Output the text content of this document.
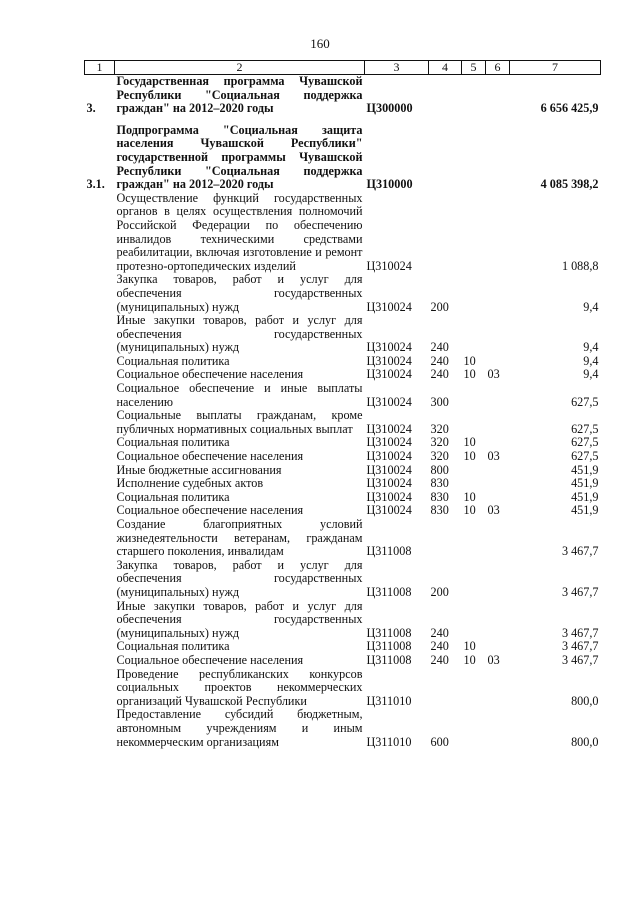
160
1	2	3	4	5	6	7
3.	Государственная программа Чувашской Республики "Социальная поддержка граждан" на 2012–2020 годы	Ц300000				6 656 425,9
3.1.	Подпрограмма "Социальная защита населения Чувашской Республики" государственной программы Чувашской Республики "Социальная поддержка граждан" на 2012–2020 годы	Ц310000				4 085 398,2
	Осуществление функций государственных органов в целях осуществления полномочий Российской Федерации по обеспечению инвалидов техническими средствами реабилитации, включая изготовление и ремонт протезно-ортопедических изделий	Ц310024				1 088,8
	Закупка товаров, работ и услуг для обеспечения государственных (муниципальных) нужд	Ц310024	200			9,4
	Иные закупки товаров, работ и услуг для обеспечения государственных (муниципальных) нужд	Ц310024	240			9,4
	Социальная политика	Ц310024	240	10		9,4
	Социальное обеспечение населения	Ц310024	240	10	03	9,4
	Социальное обеспечение и иные выплаты населению	Ц310024	300			627,5
	Социальные выплаты гражданам, кроме публичных нормативных социальных выплат	Ц310024	320			627,5
	Социальная политика	Ц310024	320	10		627,5
	Социальное обеспечение населения	Ц310024	320	10	03	627,5
	Иные бюджетные ассигнования	Ц310024	800			451,9
	Исполнение судебных актов	Ц310024	830			451,9
	Социальная политика	Ц310024	830	10		451,9
	Социальное обеспечение населения	Ц310024	830	10	03	451,9
	Создание благоприятных условий жизнедеятельности ветеранам, гражданам старшего поколения, инвалидам	Ц311008				3 467,7
	Закупка товаров, работ и услуг для обеспечения государственных (муниципальных) нужд	Ц311008	200			3 467,7
	Иные закупки товаров, работ и услуг для обеспечения государственных (муниципальных) нужд	Ц311008	240			3 467,7
	Социальная политика	Ц311008	240	10		3 467,7
	Социальное обеспечение населения	Ц311008	240	10	03	3 467,7
	Проведение республиканских конкурсов социальных проектов некоммерческих организаций Чувашской Республики	Ц311010				800,0
	Предоставление субсидий бюджетным, автономным учреждениям и иным некоммерческим организациям	Ц311010	600			800,0
